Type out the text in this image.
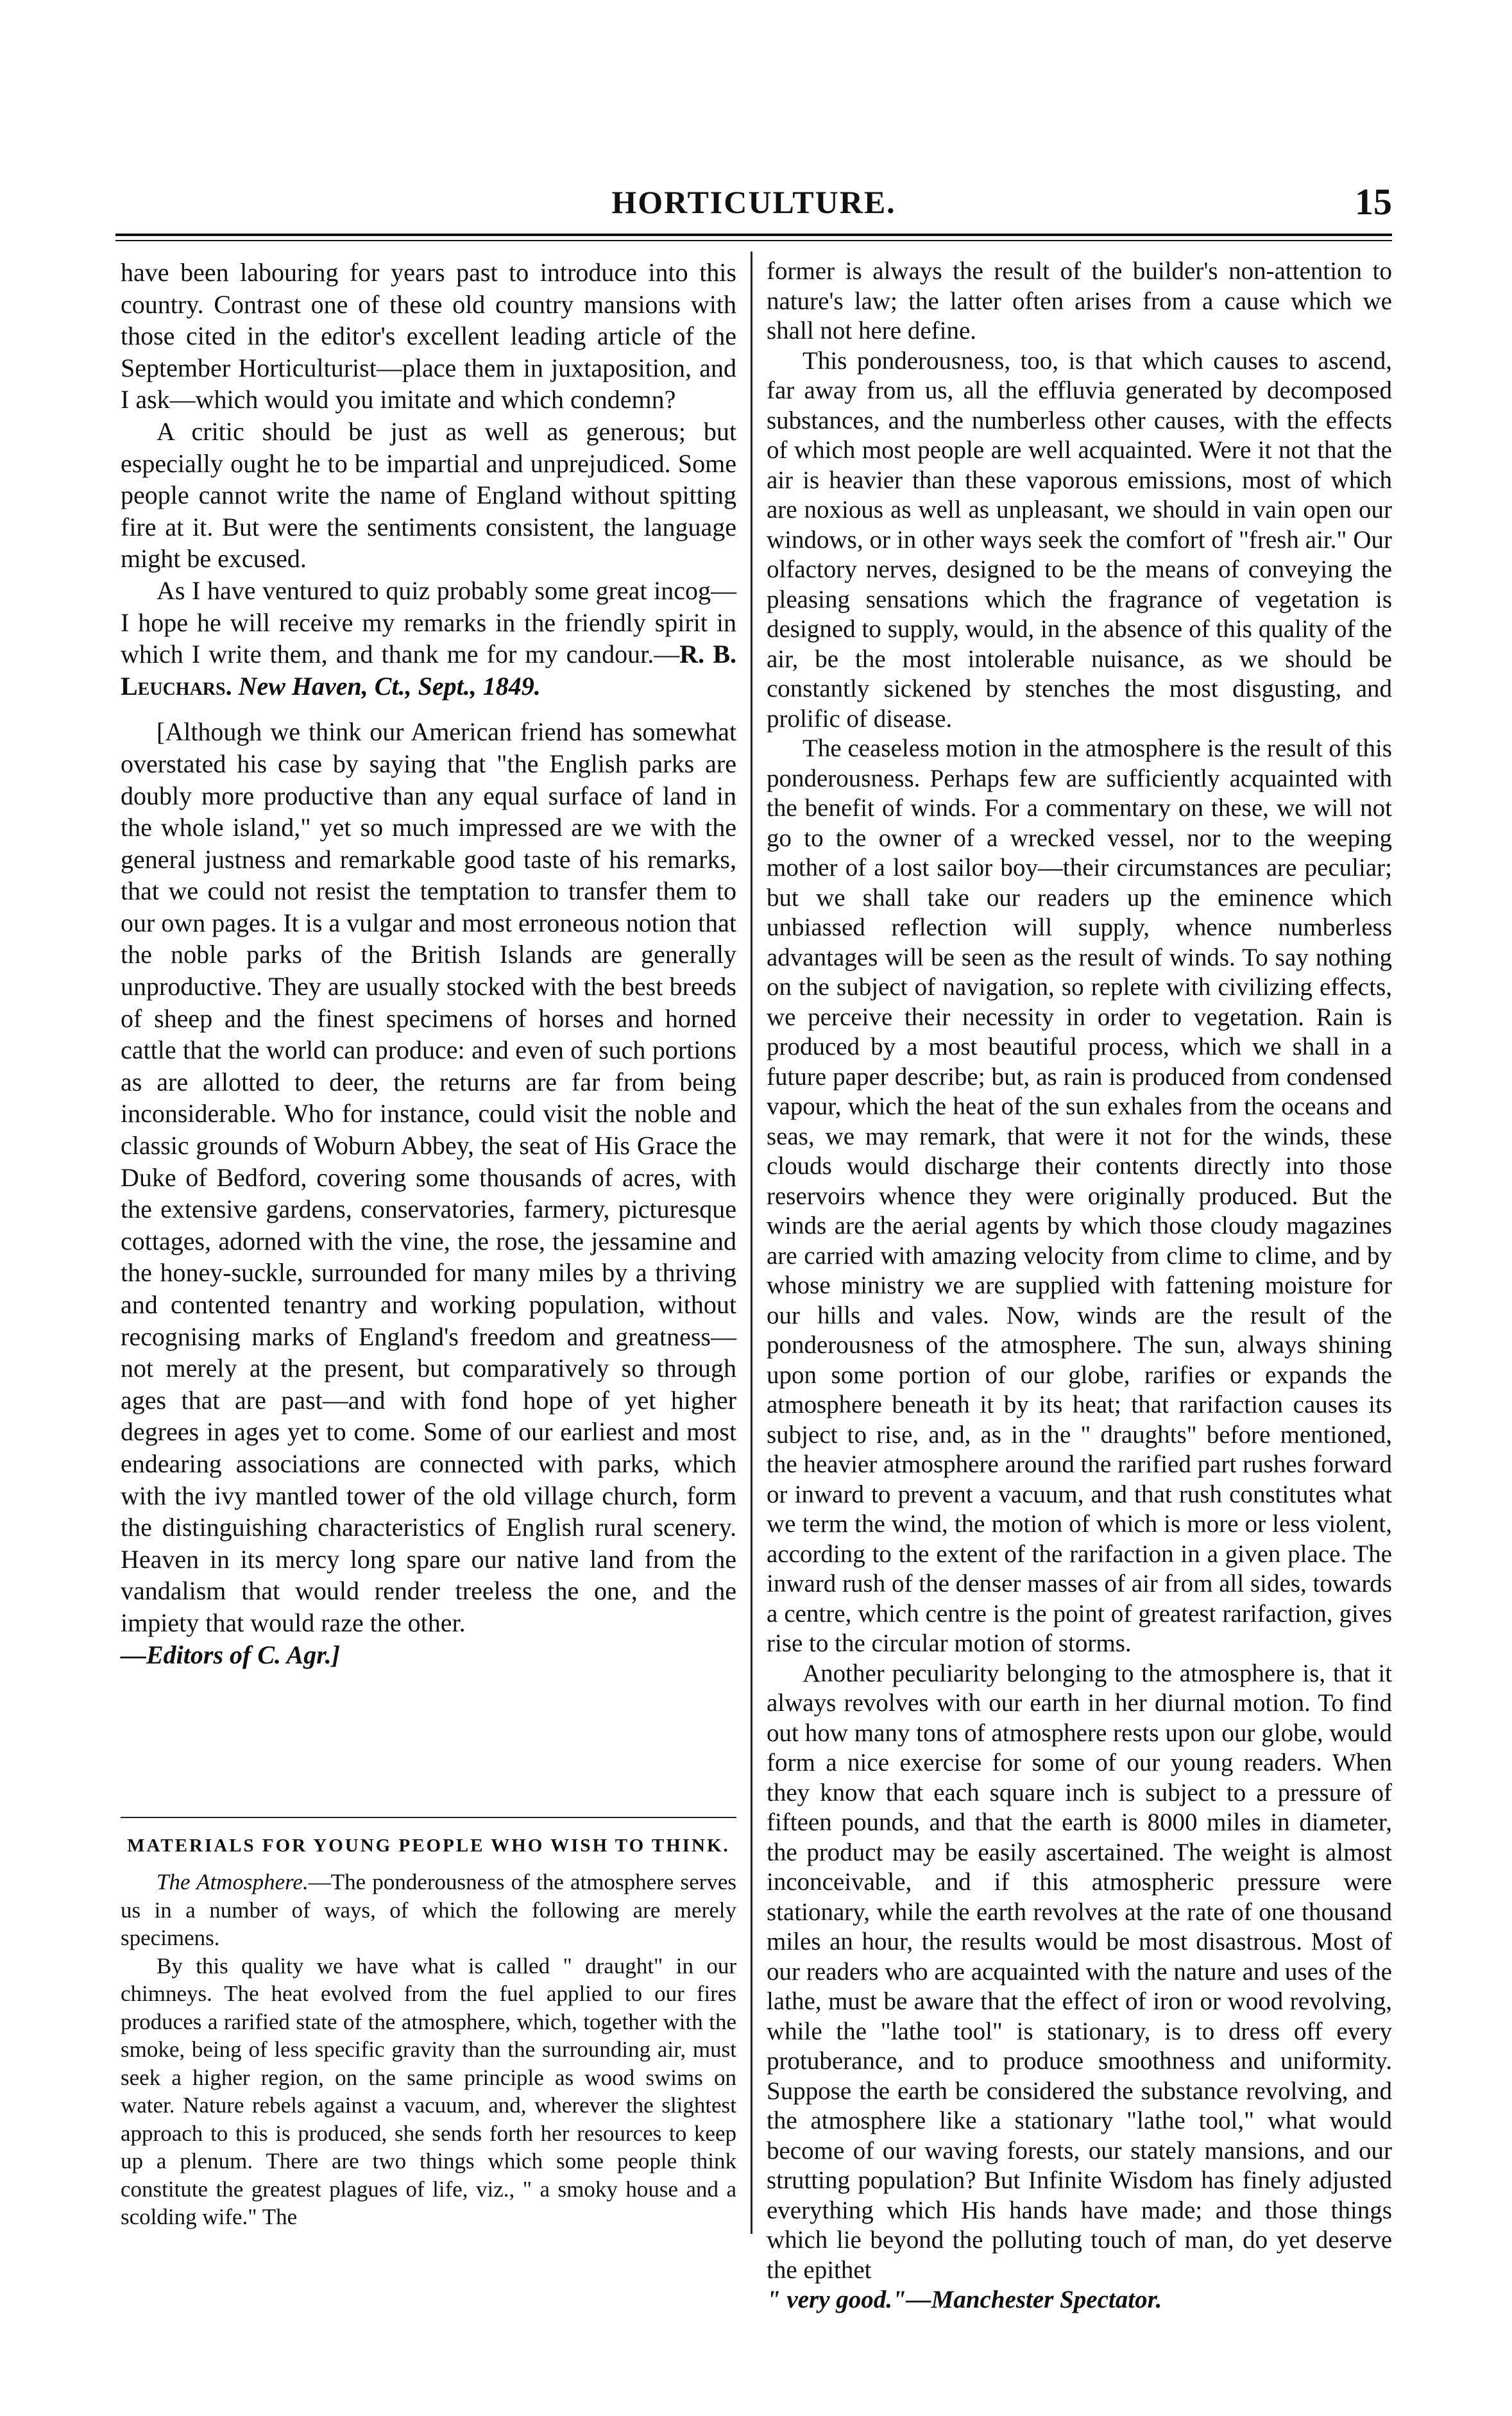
HORTICULTURE.	15

have been labouring for years past to introduce into this country. Contrast one of these old country mansions with those cited in the editor's excellent leading article of the September Horticulturist—place them in juxtaposition, and I ask—which would you imitate and which condemn?

A critic should be just as well as generous; but especially ought he to be impartial and unprejudiced. Some people cannot write the name of England without spitting fire at it. But were the sentiments consistent, the language might be excused.

As I have ventured to quiz probably some great incog—I hope he will receive my remarks in the friendly spirit in which I write them, and thank me for my candour.—R. B. Leuchars. New Haven, Ct., Sept., 1849.

[Although we think our American friend has somewhat overstated his case by saying that "the English parks are doubly more productive than any equal surface of land in the whole island," yet so much impressed are we with the general justness and remarkable good taste of his remarks, that we could not resist the temptation to transfer them to our own pages. It is a vulgar and most erroneous notion that the noble parks of the British Islands are generally unproductive. They are usually stocked with the best breeds of sheep and the finest specimens of horses and horned cattle that the world can produce: and even of such portions as are allotted to deer, the returns are far from being inconsiderable. Who for instance, could visit the noble and classic grounds of Woburn Abbey, the seat of His Grace the Duke of Bedford, covering some thousands of acres, with the extensive gardens, conservatories, farmery, picturesque cottages, adorned with the vine, the rose, the jessamine and the honey-suckle, surrounded for many miles by a thriving and contented tenantry and working population, without recognising marks of England's freedom and greatness—not merely at the present, but comparatively so through ages that are past—and with fond hope of yet higher degrees in ages yet to come. Some of our earliest and most endearing associations are connected with parks, which with the ivy mantled tower of the old village church, form the distinguishing characteristics of English rural scenery. Heaven in its mercy long spare our native land from the vandalism that would render treeless the one, and the impiety that would raze the other.

—Editors of C. Agr.]

MATERIALS FOR YOUNG PEOPLE WHO WISH TO THINK.

The Atmosphere.—The ponderousness of the atmosphere serves us in a number of ways, of which the following are merely specimens.

By this quality we have what is called " draught" in our chimneys. The heat evolved from the fuel applied to our fires produces a rarified state of the atmosphere, which, together with the smoke, being of less specific gravity than the surrounding air, must seek a higher region, on the same principle as wood swims on water. Nature rebels against a vacuum, and, wherever the slightest approach to this is produced, she sends forth her resources to keep up a plenum. There are two things which some people think constitute the greatest plagues of life, viz., " a smoky house and a scolding wife." The

former is always the result of the builder's non-attention to nature's law; the latter often arises from a cause which we shall not here define.

This ponderousness, too, is that which causes to ascend, far away from us, all the effluvia generated by decomposed substances, and the numberless other causes, with the effects of which most people are well acquainted. Were it not that the air is heavier than these vaporous emissions, most of which are noxious as well as unpleasant, we should in vain open our windows, or in other ways seek the comfort of "fresh air." Our olfactory nerves, designed to be the means of conveying the pleasing sensations which the fragrance of vegetation is designed to supply, would, in the absence of this quality of the air, be the most intolerable nuisance, as we should be constantly sickened by stenches the most disgusting, and prolific of disease.

The ceaseless motion in the atmosphere is the result of this ponderousness. Perhaps few are sufficiently acquainted with the benefit of winds. For a commentary on these, we will not go to the owner of a wrecked vessel, nor to the weeping mother of a lost sailor boy—their circumstances are peculiar; but we shall take our readers up the eminence which unbiassed reflection will supply, whence numberless advantages will be seen as the result of winds. To say nothing on the subject of navigation, so replete with civilizing effects, we perceive their necessity in order to vegetation. Rain is produced by a most beautiful process, which we shall in a future paper describe; but, as rain is produced from condensed vapour, which the heat of the sun exhales from the oceans and seas, we may remark, that were it not for the winds, these clouds would discharge their contents directly into those reservoirs whence they were originally produced. But the winds are the aerial agents by which those cloudy magazines are carried with amazing velocity from clime to clime, and by whose ministry we are supplied with fattening moisture for our hills and vales. Now, winds are the result of the ponderousness of the atmosphere. The sun, always shining upon some portion of our globe, rarifies or expands the atmosphere beneath it by its heat; that rarifaction causes its subject to rise, and, as in the " draughts" before mentioned, the heavier atmosphere around the rarified part rushes forward or inward to prevent a vacuum, and that rush constitutes what we term the wind, the motion of which is more or less violent, according to the extent of the rarifaction in a given place. The inward rush of the denser masses of air from all sides, towards a centre, which centre is the point of greatest rarifaction, gives rise to the circular motion of storms.

Another peculiarity belonging to the atmosphere is, that it always revolves with our earth in her diurnal motion. To find out how many tons of atmosphere rests upon our globe, would form a nice exercise for some of our young readers. When they know that each square inch is subject to a pressure of fifteen pounds, and that the earth is 8000 miles in diameter, the product may be easily ascertained. The weight is almost inconceivable, and if this atmospheric pressure were stationary, while the earth revolves at the rate of one thousand miles an hour, the results would be most disastrous. Most of our readers who are acquainted with the nature and uses of the lathe, must be aware that the effect of iron or wood revolving, while the "lathe tool" is stationary, is to dress off every protuberance, and to produce smoothness and uniformity. Suppose the earth be considered the substance revolving, and the atmosphere like a stationary "lathe tool," what would become of our waving forests, our stately mansions, and our strutting population? But Infinite Wisdom has finely adjusted everything which His hands have made; and those things which lie beyond the polluting touch of man, do yet deserve the epithet

" very good."—Manchester Spectator.
